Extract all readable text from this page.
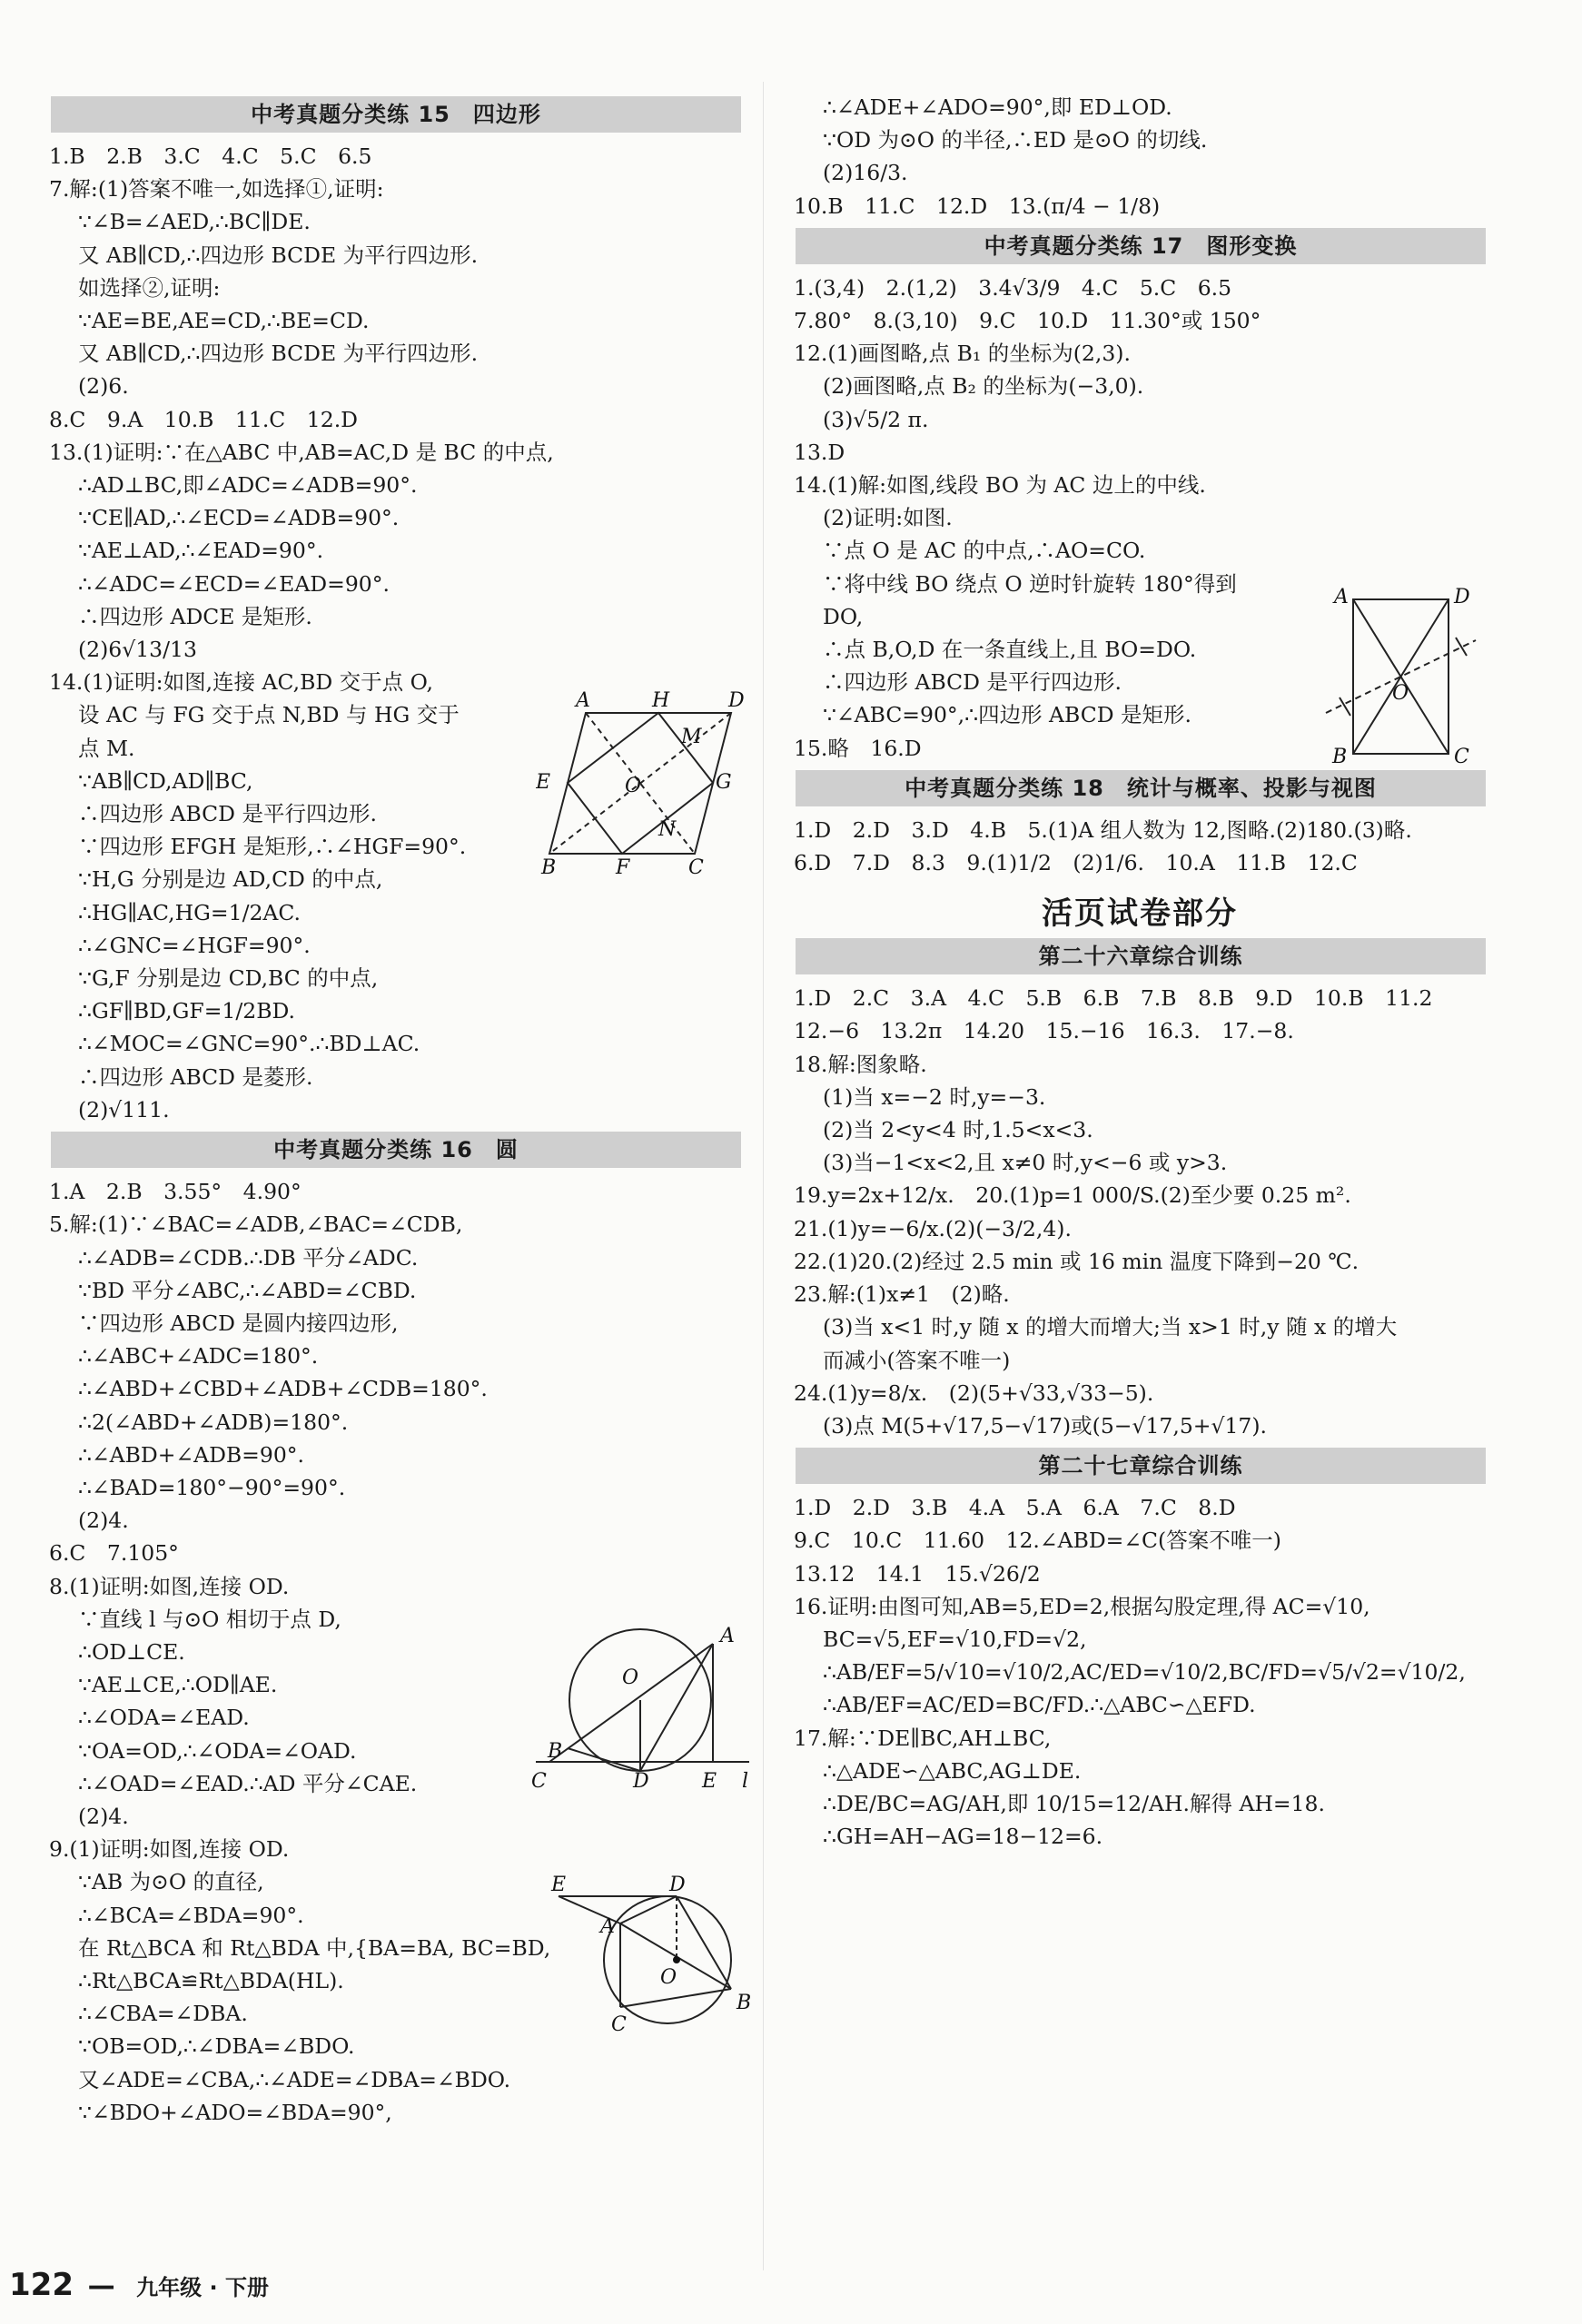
中考真题分类练 15　四边形
1.B　2.B　3.C　4.C　5.C　6.5
7.解:(1)答案不唯一,如选择①,证明:
∵∠B=∠AED,∴BC∥DE.
又 AB∥CD,∴四边形 BCDE 为平行四边形.
如选择②,证明:
∵AE=BE,AE=CD,∴BE=CD.
又 AB∥CD,∴四边形 BCDE 为平行四边形.
(2)6.
8.C　9.A　10.B　11.C　12.D
13.(1)证明:∵在△ABC 中,AB=AC,D 是 BC 的中点,
∴AD⊥BC,即∠ADC=∠ADB=90°.
∵CE∥AD,∴∠ECD=∠ADB=90°.
∵AE⊥AD,∴∠EAD=90°.
∴∠ADC=∠ECD=∠EAD=90°.
∴四边形 ADCE 是矩形.
(2)6√13/13
14.(1)证明:如图,连接 AC,BD 交于点 O,
设 AC 与 FG 交于点 N,BD 与 HG 交于
点 M.
∵AB∥CD,AD∥BC,
∴四边形 ABCD 是平行四边形.
∵四边形 EFGH 是矩形,∴∠HGF=90°.
∵H,G 分别是边 AD,CD 的中点,
∴HG∥AC,HG=1/2AC.
∴∠GNC=∠HGF=90°.
∵G,F 分别是边 CD,BC 的中点,
∴GF∥BD,GF=1/2BD.
∴∠MOC=∠GNC=90°.∴BD⊥AC.
∴四边形 ABCD 是菱形.
(2)√111.
中考真题分类练 16　圆
1.A　2.B　3.55°　4.90°
5.解:(1)∵∠BAC=∠ADB,∠BAC=∠CDB,
∴∠ADB=∠CDB.∴DB 平分∠ADC.
∵BD 平分∠ABC,∴∠ABD=∠CBD.
∵四边形 ABCD 是圆内接四边形,
∴∠ABC+∠ADC=180°.
∴∠ABD+∠CBD+∠ADB+∠CDB=180°.
∴2(∠ABD+∠ADB)=180°.
∴∠ABD+∠ADB=90°.
∴∠BAD=180°−90°=90°.
(2)4.
6.C　7.105°
8.(1)证明:如图,连接 OD.
∵直线 l 与⊙O 相切于点 D,
∴OD⊥CE.
∵AE⊥CE,∴OD∥AE.
∴∠ODA=∠EAD.
∵OA=OD,∴∠ODA=∠OAD.
∴∠OAD=∠EAD.∴AD 平分∠CAE.
(2)4.
9.(1)证明:如图,连接 OD.
∵AB 为⊙O 的直径,
∴∠BCA=∠BDA=90°.
在 Rt△BCA 和 Rt△BDA 中,{BA=BA, BC=BD,
∴Rt△BCA≌Rt△BDA(HL).
∴∠CBA=∠DBA.
∵OB=OD,∴∠DBA=∠BDO.
又∠ADE=∠CBA,∴∠ADE=∠DBA=∠BDO.
∵∠BDO+∠ADO=∠BDA=90°,
∴∠ADE+∠ADO=90°,即 ED⊥OD.
∵OD 为⊙O 的半径,∴ED 是⊙O 的切线.
(2)16/3.
10.B　11.C　12.D　13.(π/4 − 1/8)
中考真题分类练 17　图形变换
1.(3,4)　2.(1,2)　3.4√3/9　4.C　5.C　6.5
7.80°　8.(3,10)　9.C　10.D　11.30°或 150°
12.(1)画图略,点 B₁ 的坐标为(2,3).
(2)画图略,点 B₂ 的坐标为(−3,0).
(3)√5/2 π.
13.D
14.(1)解:如图,线段 BO 为 AC 边上的中线.
(2)证明:如图.
∵点 O 是 AC 的中点,∴AO=CO.
∵将中线 BO 绕点 O 逆时针旋转 180°得到
DO,
∴点 B,O,D 在一条直线上,且 BO=DO.
∴四边形 ABCD 是平行四边形.
∵∠ABC=90°,∴四边形 ABCD 是矩形.
15.略　16.D
中考真题分类练 18　统计与概率、投影与视图
1.D　2.D　3.D　4.B　5.(1)A 组人数为 12,图略.(2)180.(3)略.
6.D　7.D　8.3　9.(1)1/2　(2)1/6.　10.A　11.B　12.C
活页试卷部分
第二十六章综合训练
1.D　2.C　3.A　4.C　5.B　6.B　7.B　8.B　9.D　10.B　11.2
12.−6　13.2π　14.20　15.−16　16.3.　17.−8.
18.解:图象略.
(1)当 x=−2 时,y=−3.
(2)当 2<y<4 时,1.5<x<3.
(3)当−1<x<2,且 x≠0 时,y<−6 或 y>3.
19.y=2x+12/x.　20.(1)p=1 000/S.(2)至少要 0.25 m².
21.(1)y=−6/x.(2)(−3/2,4).
22.(1)20.(2)经过 2.5 min 或 16 min 温度下降到−20 ℃.
23.解:(1)x≠1　(2)略.
(3)当 x<1 时,y 随 x 的增大而增大;当 x>1 时,y 随 x 的增大
而减小(答案不唯一)
24.(1)y=8/x.　(2)(5+√33,√33−5).
(3)点 M(5+√17,5−√17)或(5−√17,5+√17).
第二十七章综合训练
1.D　2.D　3.B　4.A　5.A　6.A　7.C　8.D
9.C　10.C　11.60　12.∠ABD=∠C(答案不唯一)
13.12　14.1　15.√26/2
16.证明:由图可知,AB=5,ED=2,根据勾股定理,得 AC=√10,
BC=√5,EF=√10,FD=√2,
∴AB/EF=5/√10=√10/2,AC/ED=√10/2,BC/FD=√5/√2=√10/2,
∴AB/EF=AC/ED=BC/FD.∴△ABC∽△EFD.
17.解:∵DE∥BC,AH⊥BC,
∴△ADE∽△ABC,AG⊥DE.
∴DE/BC=AG/AH,即 10/15=12/AH.解得 AH=18.
∴GH=AH−AG=18−12=6.
A	H	D
E
M
G
O
N
B	F	C
A
O
B
C	D	E l
E	D
A
O
C
B
A	D
O
B	C
122 — 九年级 · 下册
